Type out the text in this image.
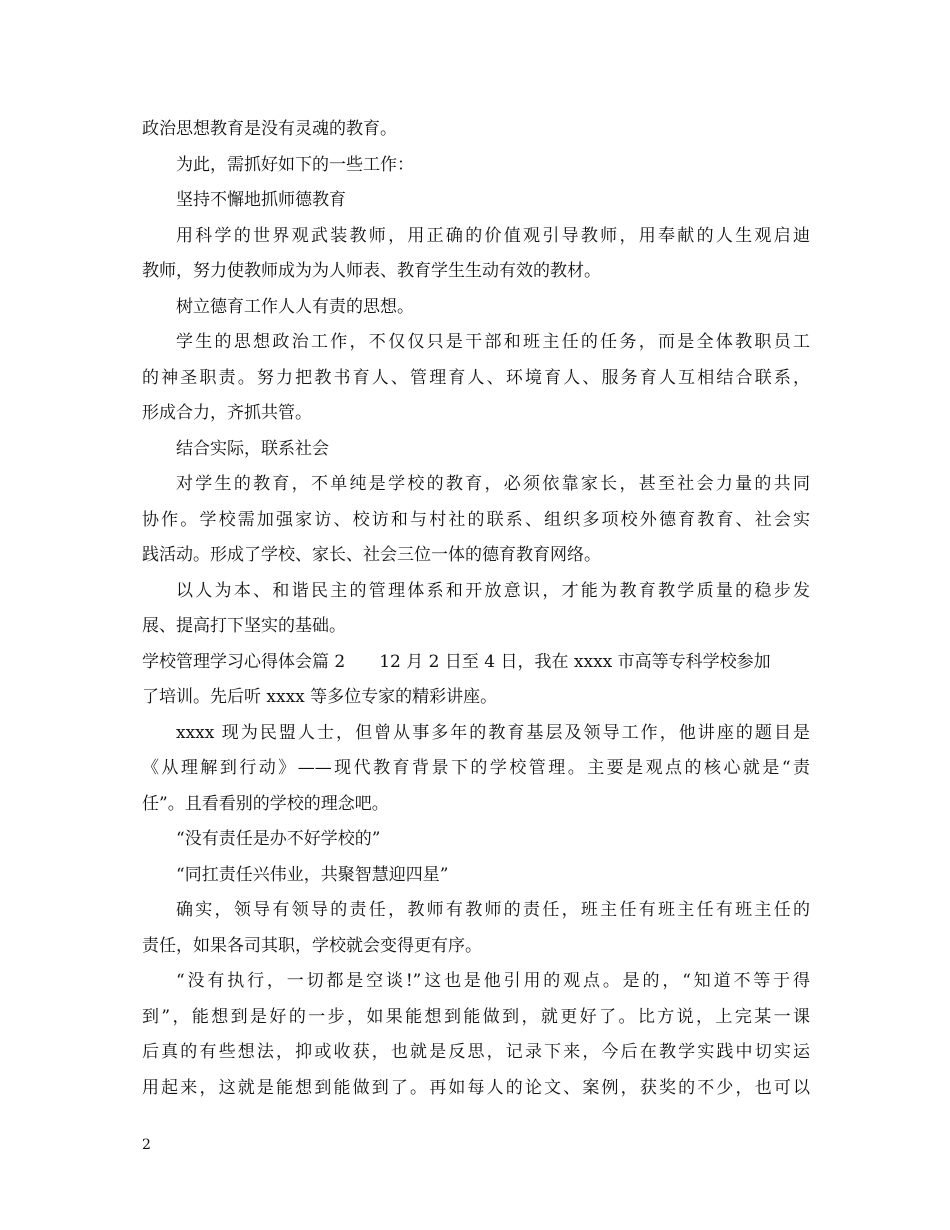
政治思想教育是没有灵魂的教育。
为此，需抓好如下的一些工作：
坚持不懈地抓师德教育
用科学的世界观武装教师，用正确的价值观引导教师，用奉献的人生观启迪
教师，努力使教师成为为人师表、教育学生生动有效的教材。
树立德育工作人人有责的思想。
学生的思想政治工作，不仅仅只是干部和班主任的任务，而是全体教职员工
的神圣职责。努力把教书育人、管理育人、环境育人、服务育人互相结合联系，
形成合力，齐抓共管。
结合实际，联系社会
对学生的教育，不单纯是学校的教育，必须依靠家长，甚至社会力量的共同
协作。学校需加强家访、校访和与村社的联系、组织多项校外德育教育、社会实
践活动。形成了学校、家长、社会三位一体的德育教育网络。
以人为本、和谐民主的管理体系和开放意识，才能为教育教学质量的稳步发
展、提高打下坚实的基础。
学校管理学习心得体会篇 2 12 月 2 日至 4 日，我在 xxxx 市高等专科学校参加
了培训。先后听 xxxx 等多位专家的精彩讲座。
xxxx 现为民盟人士，但曾从事多年的教育基层及领导工作，他讲座的题目是
《从理解到行动》——现代教育背景下的学校管理。主要是观点的核心就是“责
任”。且看看别的学校的理念吧。
“没有责任是办不好学校的”
“同扛责任兴伟业，共聚智慧迎四星”
确实，领导有领导的责任，教师有教师的责任，班主任有班主任有班主任的
责任，如果各司其职，学校就会变得更有序。
“没有执行，一切都是空谈!”这也是他引用的观点。是的，“知道不等于得
到”，能想到是好的一步，如果能想到能做到，就更好了。比方说，上完某一课
后真的有些想法，抑或收获，也就是反思，记录下来，今后在教学实践中切实运
用起来，这就是能想到能做到了。再如每人的论文、案例，获奖的不少，也可以
2
